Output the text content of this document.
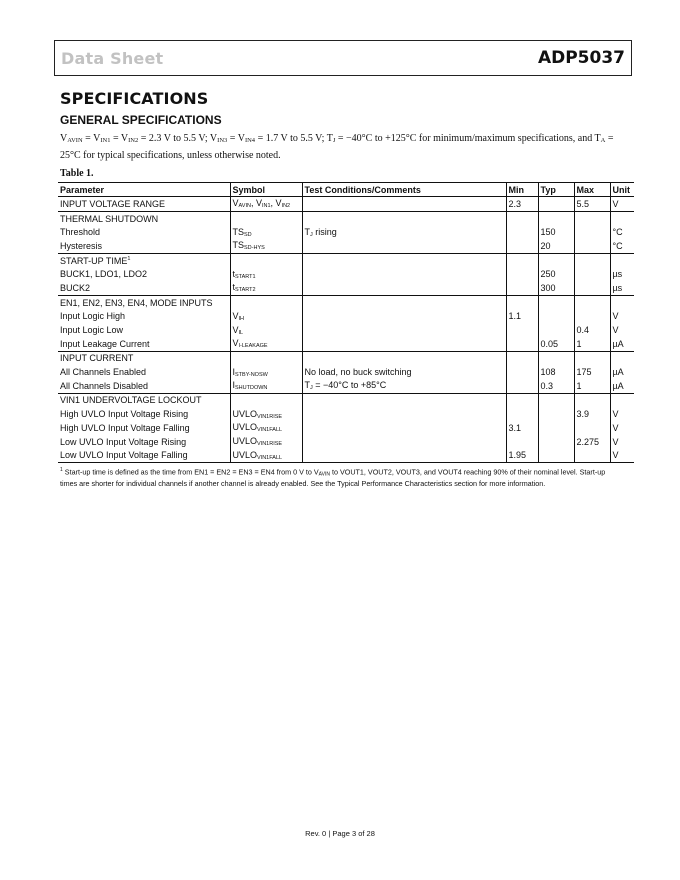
Data Sheet	ADP5037
SPECIFICATIONS
GENERAL SPECIFICATIONS
$V_{AVIN} = V_{IN1} = V_{IN2} = 2.3$ V to 5.5 V; $V_{IN3} = V_{IN4} = 1.7$ V to 5.5 V; $T_J = -40^\circ C$ to +125°C for minimum/maximum specifications, and $T_A$ =
25°C for typical specifications, unless otherwise noted.
Table 1.
Parameter	Symbol	Test Conditions/Comments	Min	Typ	Max	Unit
INPUT VOLTAGE RANGE	VAVIN, VIN1, VIN2		2.3		5.5	V
THERMAL SHUTDOWN						
Threshold	TSSD	TJ rising		150		°C
Hysteresis	TSSD-HYS			20		°C
START-UP TIME$^1$						
BUCK1, LDO1, LDO2	tSTART1			250		µs
BUCK2	tSTART2			300		µs
EN1, EN2, EN3, EN4, MODE INPUTS						
Input Logic High	VIH		1.1			V
Input Logic Low	VIL				0.4	V
Input Leakage Current	VI-LEAKAGE			0.05	1	µA
INPUT CURRENT						
All Channels Enabled	ISTBY-NOSW	No load, no buck switching		108	175	µA
All Channels Disabled	ISHUTDOWN	TJ = −40°C to +85°C		0.3	1	µA
VIN1 UNDERVOLTAGE LOCKOUT						
High UVLO Input Voltage Rising	UVLOVIN1RISE				3.9	V
High UVLO Input Voltage Falling	UVLOVIN1FALL		3.1			V
Low UVLO Input Voltage Rising	UVLOVIN1RISE				2.275	V
Low UVLO Input Voltage Falling	UVLOVIN1FALL		1.95			V
$^1$ Start-up time is defined as the time from EN1 = EN2 = EN3 = EN4 from 0 V to VAVIN to VOUT1, VOUT2, VOUT3, and VOUT4 reaching 90% of their nominal level. Start-up
times are shorter for individual channels if another channel is already enabled. See the Typical Performance Characteristics section for more information.
Rev. 0 | Page 3 of 28
